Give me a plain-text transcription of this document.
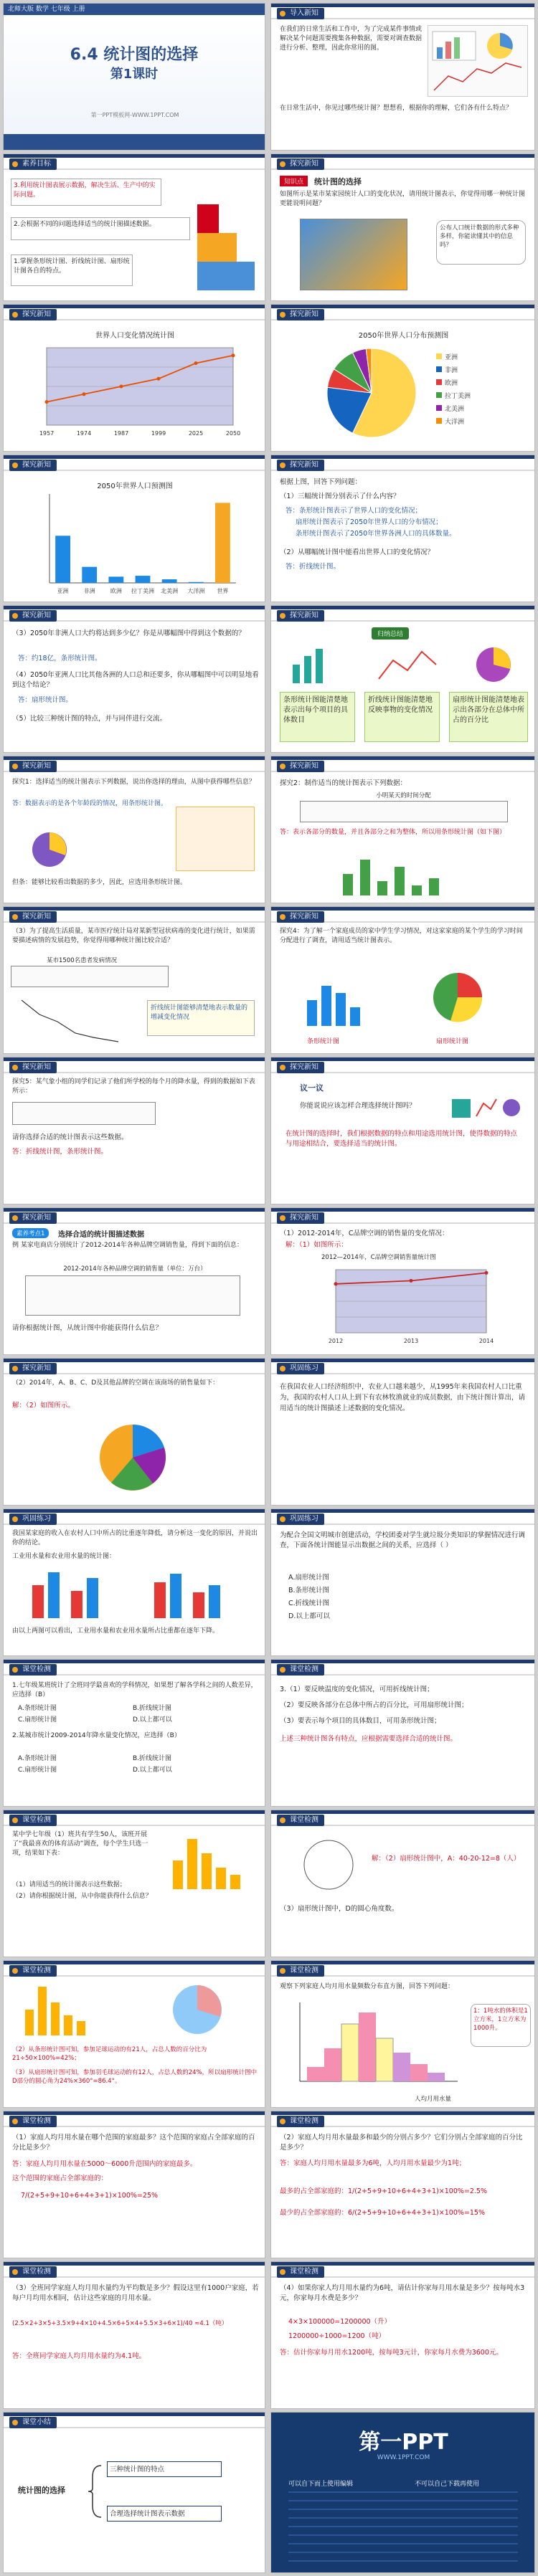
北师大版 数学 七年级 上册
6.4 统计图的选择
第1课时
第一PPT模板网-WWW.1PPT.COM
导入新知
在我们的日常生活和工作中，为了完成某件事情或解决某个问题需要搜集各种数据，需要对调查数据进行分析、整理，因此你常用的图。
在日常生活中，你见过哪些统计图？想想看，根据你的理解，它们各有什么特点？
素养目标
3.利用统计图表展示数据，解决生活、生产中的实际问题。
2.会根据不同的问题选择适当的统计图描述数据。
1.掌握条形统计图、折线统计图、扇形统计图各自的特点。
探究新知
知识点	统计图的选择
如图所示是某市某家园统计人口的变化状况，请用统计图表示，你觉得用哪一种统计图更能说明问题？
公布人口统计数据的形式多种多样，你能读懂其中的信息吗？
探究新知
世界人口变化情况统计图
1957	1974	1987	1999	2025	2050
探究新知
2050年世界人口分布预测图
亚洲
非洲
欧洲
拉丁美洲
北美洲
大洋洲
探究新知
2050年世界人口预测图
亚洲	非洲	欧洲 拉丁美洲 北美洲 大洋洲 世界
探究新知
根据上图，回答下列问题：
（1）三幅统计图分别表示了什么内容？
答：条形统计图表示了世界人口的变化情况；
扇形统计图表示了2050年世界人口的分布情况；
条形统计图表示了2050年世界各洲人口的具体数量。
（2）从哪幅统计图中能看出世界人口的变化情况？
答：折线统计图。
探究新知
（3）2050年非洲人口大约将达到多少亿？你是从哪幅图中得到这个数据的？
答：约18亿，条形统计图。
（4）2050年亚洲人口比其他各洲的人口总和还要多，你从哪幅图中可以明显地看到这个结论？
答：扇形统计图。
（5）比较三种统计图的特点，并与同伴进行交流。
探究新知
归纳总结
条形统计图能清楚地表示出每个项目的具体数目
折线统计图能清楚地反映事物的变化情况
扇形统计图能清楚地表示出各部分在总体中所占的百分比
探究新知
探究1：选择适当的统计图表示下列数据，说出你选择的理由，从图中获得哪些信息？
答：数据表示的是各个年龄段的情况，用条形统计图。
但条：能够比较看出数据的多少，因此，应选用条形统计图。
探究新知
探究2：制作适当的统计图表示下列数据：
小明某天的时间分配
答：表示各部分的数量，并且各部分之和为整体，所以用条形统计图（如下图）
探究新知
（3）为了提高生活质量，某市医疗统计局对某新型冠状病毒的变化进行统计，如果需要描述病情的发展趋势，你觉得用哪种统计图比较合适？
某市1500名患者发病情况
折线统计图能够清楚地表示数量的增减变化情况
探究新知
探究4：为了解一个家庭成员的家中学生学习情况，对这家家庭的某个学生的学习时间分配进行了调查，请用适当统计图表示。
条形统计图	扇形统计图
探究新知
探究5：某气象小组的同学们记录了他们所学校的每个月的降水量，得到的数据如下表所示：
请你选择合适的统计图表示这些数据。
答：折线统计图，条形统计图。
探究新知
议一议
你能说说应该怎样合理选择统计图吗？
在统计图的选择时，我们根据数据的特点和用途选用统计图，使得数据的特点与用途相结合，要选择适当的统计图。
探究新知
素养考点1	选择合适的统计图描述数据
例 某家电商店分别统计了2012-2014年各种品牌空调销售量，得到下面的信息：
2012-2014年各种品牌空调的销售量（单位：万台）
请你根据统计图，从统计图中你能获得什么信息？
探究新知
（1）2012-2014年，C品牌空调的销售量的变化情况：
解：（1）如图所示：
2012—2014年，C品牌空调销售量统计图
2012	2013	2014
探究新知
（2）2014年，A、B、C、D及其他品牌的空调在该商场的销售量如下：
解：（2）如图所示。
巩固练习
在我国农业人口经济组织中，农业人口越来越少，从1995年来我国农村人口比重为，我国的农村人口从上到下有农林牧渔就业的成员数据，由下统计图计算出，请用适当的统计图描述上述数据的变化情况。
巩固练习
我国某家庭的收入在农村人口中所占的比重逐年降低，请分析这一变化的原因，并说出你的结论。
工业用水量和农业用水量的统计图：
由以上两图可以看出，工业用水量和农业用水量所占比重都在逐年下降。
巩固练习
为配合全国文明城市创建活动，学校团委对学生就垃圾分类知识的掌握情况进行调查，下面各统计图能显示出数据之间的关系，应选择（ ）
A.扇形统计图
B.条形统计图
C.折线统计图
D.以上都可以
课堂检测
1.七年级某班统计了全班同学最喜欢的学科情况，如果想了解各学科之间的人数差异，应选择（B）
A.条形统计图	B.折线统计图
C.扇形统计图	D.以上都可以
2.某城市统计2009-2014年降水量变化情况，应选择（B）
A.条形统计图	B.折线统计图
C.扇形统计图	D.以上都可以
课堂检测
3.（1）要反映温度的变化情况，可用折线统计图；
（2）要反映各部分在总体中所占的百分比，可用扇形统计图；
（3）要表示每个项目的具体数目，可用条形统计图；
上述三种统计图各有特点，应根据需要选择合适的统计图。
课堂检测
某中学七年级（1）班共有学生50人，该班开展了“我最喜欢的体育活动”调查，每个学生只选一项，结果如下表：
（1）请用适当的统计图表示这些数据；
（2）请你根据统计图，从中你能获得什么信息？
课堂检测
解：（2）扇形统计图中，A：40-20-12=8（人）
（3）扇形统计图中，D的圆心角度数。
课堂检测
（2）从条形统计图可知，参加足球运动的有21人，占总人数的百分比为21÷50×100%=42%；
（3）从扇形统计图可知，参加羽毛球运动的有12人，占总人数的24%，所以扇形统计图中D部分的圆心角为24%×360°=86.4°。
课堂检测
观察下列家庭人均月用水量频数分布直方图，回答下列问题：
人均月用水量
1：1吨水的体积是1立方米，1立方米为1000升。
课堂检测
（1）家庭人均月用水量在哪个范围的家庭最多？这个范围的家庭占全部家庭的百分比是多少？
答：家庭人均月用水量在5000～6000升范围内的家庭最多。
这个范围的家庭占全部家庭的：
7/(2+5+9+10+6+4+3+1)×100%=25%
课堂检测
（2）家庭人均月用水量最多和最少的分别占多少？它们分别占全部家庭的百分比是多少？
答：家庭人均月用水量最多为6吨，人均月用水量最少为1吨；
最多的占全部家庭的：1/(2+5+9+10+6+4+3+1)×100%=2.5%
最少的占全部家庭的：6/(2+5+9+10+6+4+3+1)×100%=15%
课堂检测
（3）全班同学家庭人均月用水量约为平均数是多少？假设这里有1000户家庭，若每户月均用水相同，估计这些家庭的月用水量。
(2.5×2+3×5+3.5×9+4×10+4.5×6+5×4+5.5×3+6×1)/40 ≈4.1（吨）
答：全班同学家庭人均月用水量约为4.1吨。
课堂检测
（4）如果你家人均月用水量约为6吨，请估计你家每月用水量是多少？按每吨水3元，你家每月水费是多少？
4×3×100000=1200000（升）
1200000÷1000=1200（吨）
答：估计你家每月用水1200吨，按每吨3元计，你家每月水费为3600元。
课堂小结
统计图的选择
三种统计图的特点
合理选择统计图表示数据
第一PPT
WWW.1PPT.COM
可以自下而上使用编辑	不可以自己下载再使用
